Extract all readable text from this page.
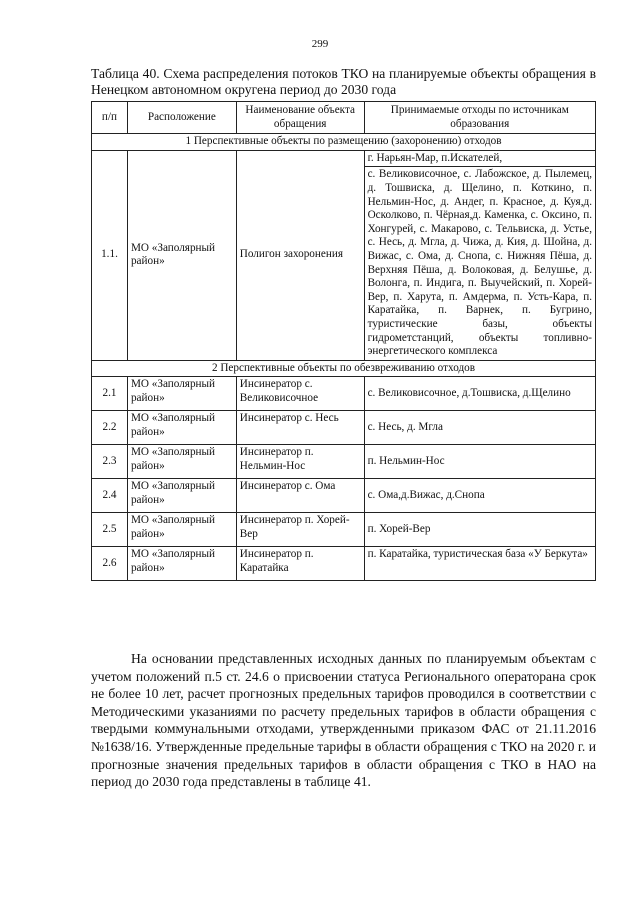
299
Таблица 40. Схема распределения потоков ТКО на планируемые объекты обращения в Ненецком автономном округена период до 2030 года
п/п	Расположение	Наименование объекта обращения	Принимаемые отходы по источникам образования
1 Перспективные объекты по размещению (захоронению) отходов			
1.1.	МО «Заполярный район»	Полигон захоронения	г. Нарьян-Мар, п.Искателей,
			с. Великовисочное, с. Лабожское, д. Пылемец, д. Тошвиска, д. Щелино, п. Коткино, п. Нельмин-Нос, д. Андег, п. Красное, д. Куя,д. Осколково, п. Чёрная,д. Каменка, с. Оксино, п. Хонгурей, с. Макарово, с. Тельвиска, д. Устье, с. Несь, д. Мгла, д. Чижа, д. Кия, д. Шойна, д. Вижас, с. Ома, д. Снопа, с. Нижняя Пёша, д. Верхняя Пёша, д. Волоковая, д. Белушье, д. Волонга, п. Индига, п. Выучейский, п. Хорей-Вер, п. Харута, п. Амдерма, п. Усть-Кара, п. Каратайка, п. Варнек, п. Бугрино, туристические базы, объекты гидрометстанций, объекты топливно-энергетического комплекса
2 Перспективные объекты по обезвреживанию отходов			
2.1	МО «Заполярный район»	Инсинератор с. Великовисочное	с. Великовисочное, д.Тошвиска, д.Щелино
2.2	МО «Заполярный район»	Инсинератор с. Несь	с. Несь, д. Мгла
2.3	МО «Заполярный район»	Инсинератор п. Нельмин-Нос	п. Нельмин-Нос
2.4	МО «Заполярный район»	Инсинератор с. Ома	с. Ома,д.Вижас, д.Снопа
2.5	МО «Заполярный район»	Инсинератор п. Хорей-Вер	п. Хорей-Вер
2.6	МО «Заполярный район»	Инсинератор п. Каратайка	п. Каратайка, туристическая база «У Беркута»
На основании представленных исходных данных по планируемым объектам с учетом положений п.5 ст. 24.6 о присвоении статуса Регионального операторана срок не более 10 лет, расчет прогнозных предельных тарифов проводился в соответствии с Методическими указаниями по расчету предельных тарифов в области обращения с твердыми коммунальными отходами, утвержденными приказом ФАС от 21.11.2016 №1638/16. Утвержденные предельные тарифы в области обращения с ТКО на 2020 г. и прогнозные значения предельных тарифов в области обращения с ТКО в НАО на период до 2030 года представлены в таблице 41.
